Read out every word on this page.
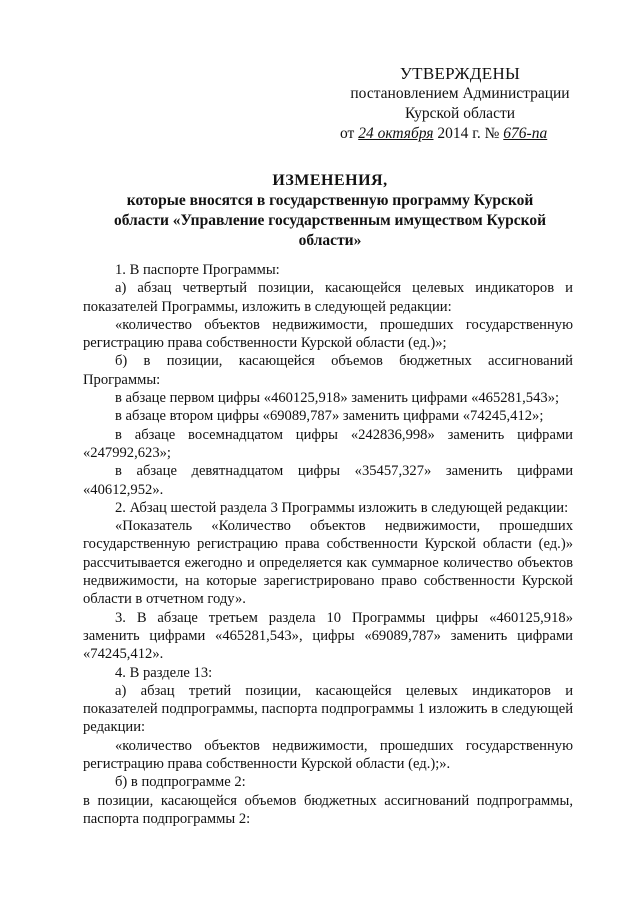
УТВЕРЖДЕНЫ
постановлением Администрации
Курской области
от 24 октября 2014 г. № 676-па
ИЗМЕНЕНИЯ,
которые вносятся в государственную программу Курской
области «Управление государственным имуществом Курской
области»

1. В паспорте Программы:

а) абзац четвертый позиции, касающейся целевых индикаторов и показателей Программы, изложить в следующей редакции:

«количество объектов недвижимости, прошедших государственную регистрацию права собственности Курской области (ед.)»;

б) в позиции, касающейся объемов бюджетных ассигнований Программы:

в абзаце первом цифры «460125,918» заменить цифрами «465281,543»;

в абзаце втором цифры «69089,787» заменить цифрами «74245,412»;

в абзаце восемнадцатом цифры «242836,998» заменить цифрами «247992,623»;

в абзаце девятнадцатом цифры «35457,327» заменить цифрами «40612,952».

2. Абзац шестой раздела 3 Программы изложить в следующей редакции:

«Показатель «Количество объектов недвижимости, прошедших государственную регистрацию права собственности Курской области (ед.)» рассчитывается ежегодно и определяется как суммарное количество объектов недвижимости, на которые зарегистрировано право собственности Курской области в отчетном году».

3. В абзаце третьем раздела 10 Программы цифры «460125,918» заменить цифрами «465281,543», цифры «69089,787» заменить цифрами «74245,412».

4. В разделе 13:

а) абзац третий позиции, касающейся целевых индикаторов и показателей подпрограммы, паспорта подпрограммы 1 изложить в следующей редакции:

«количество объектов недвижимости, прошедших государственную регистрацию права собственности Курской области (ед.);».

б) в подпрограмме 2:

в позиции, касающейся объемов бюджетных ассигнований подпрограммы, паспорта подпрограммы 2:
